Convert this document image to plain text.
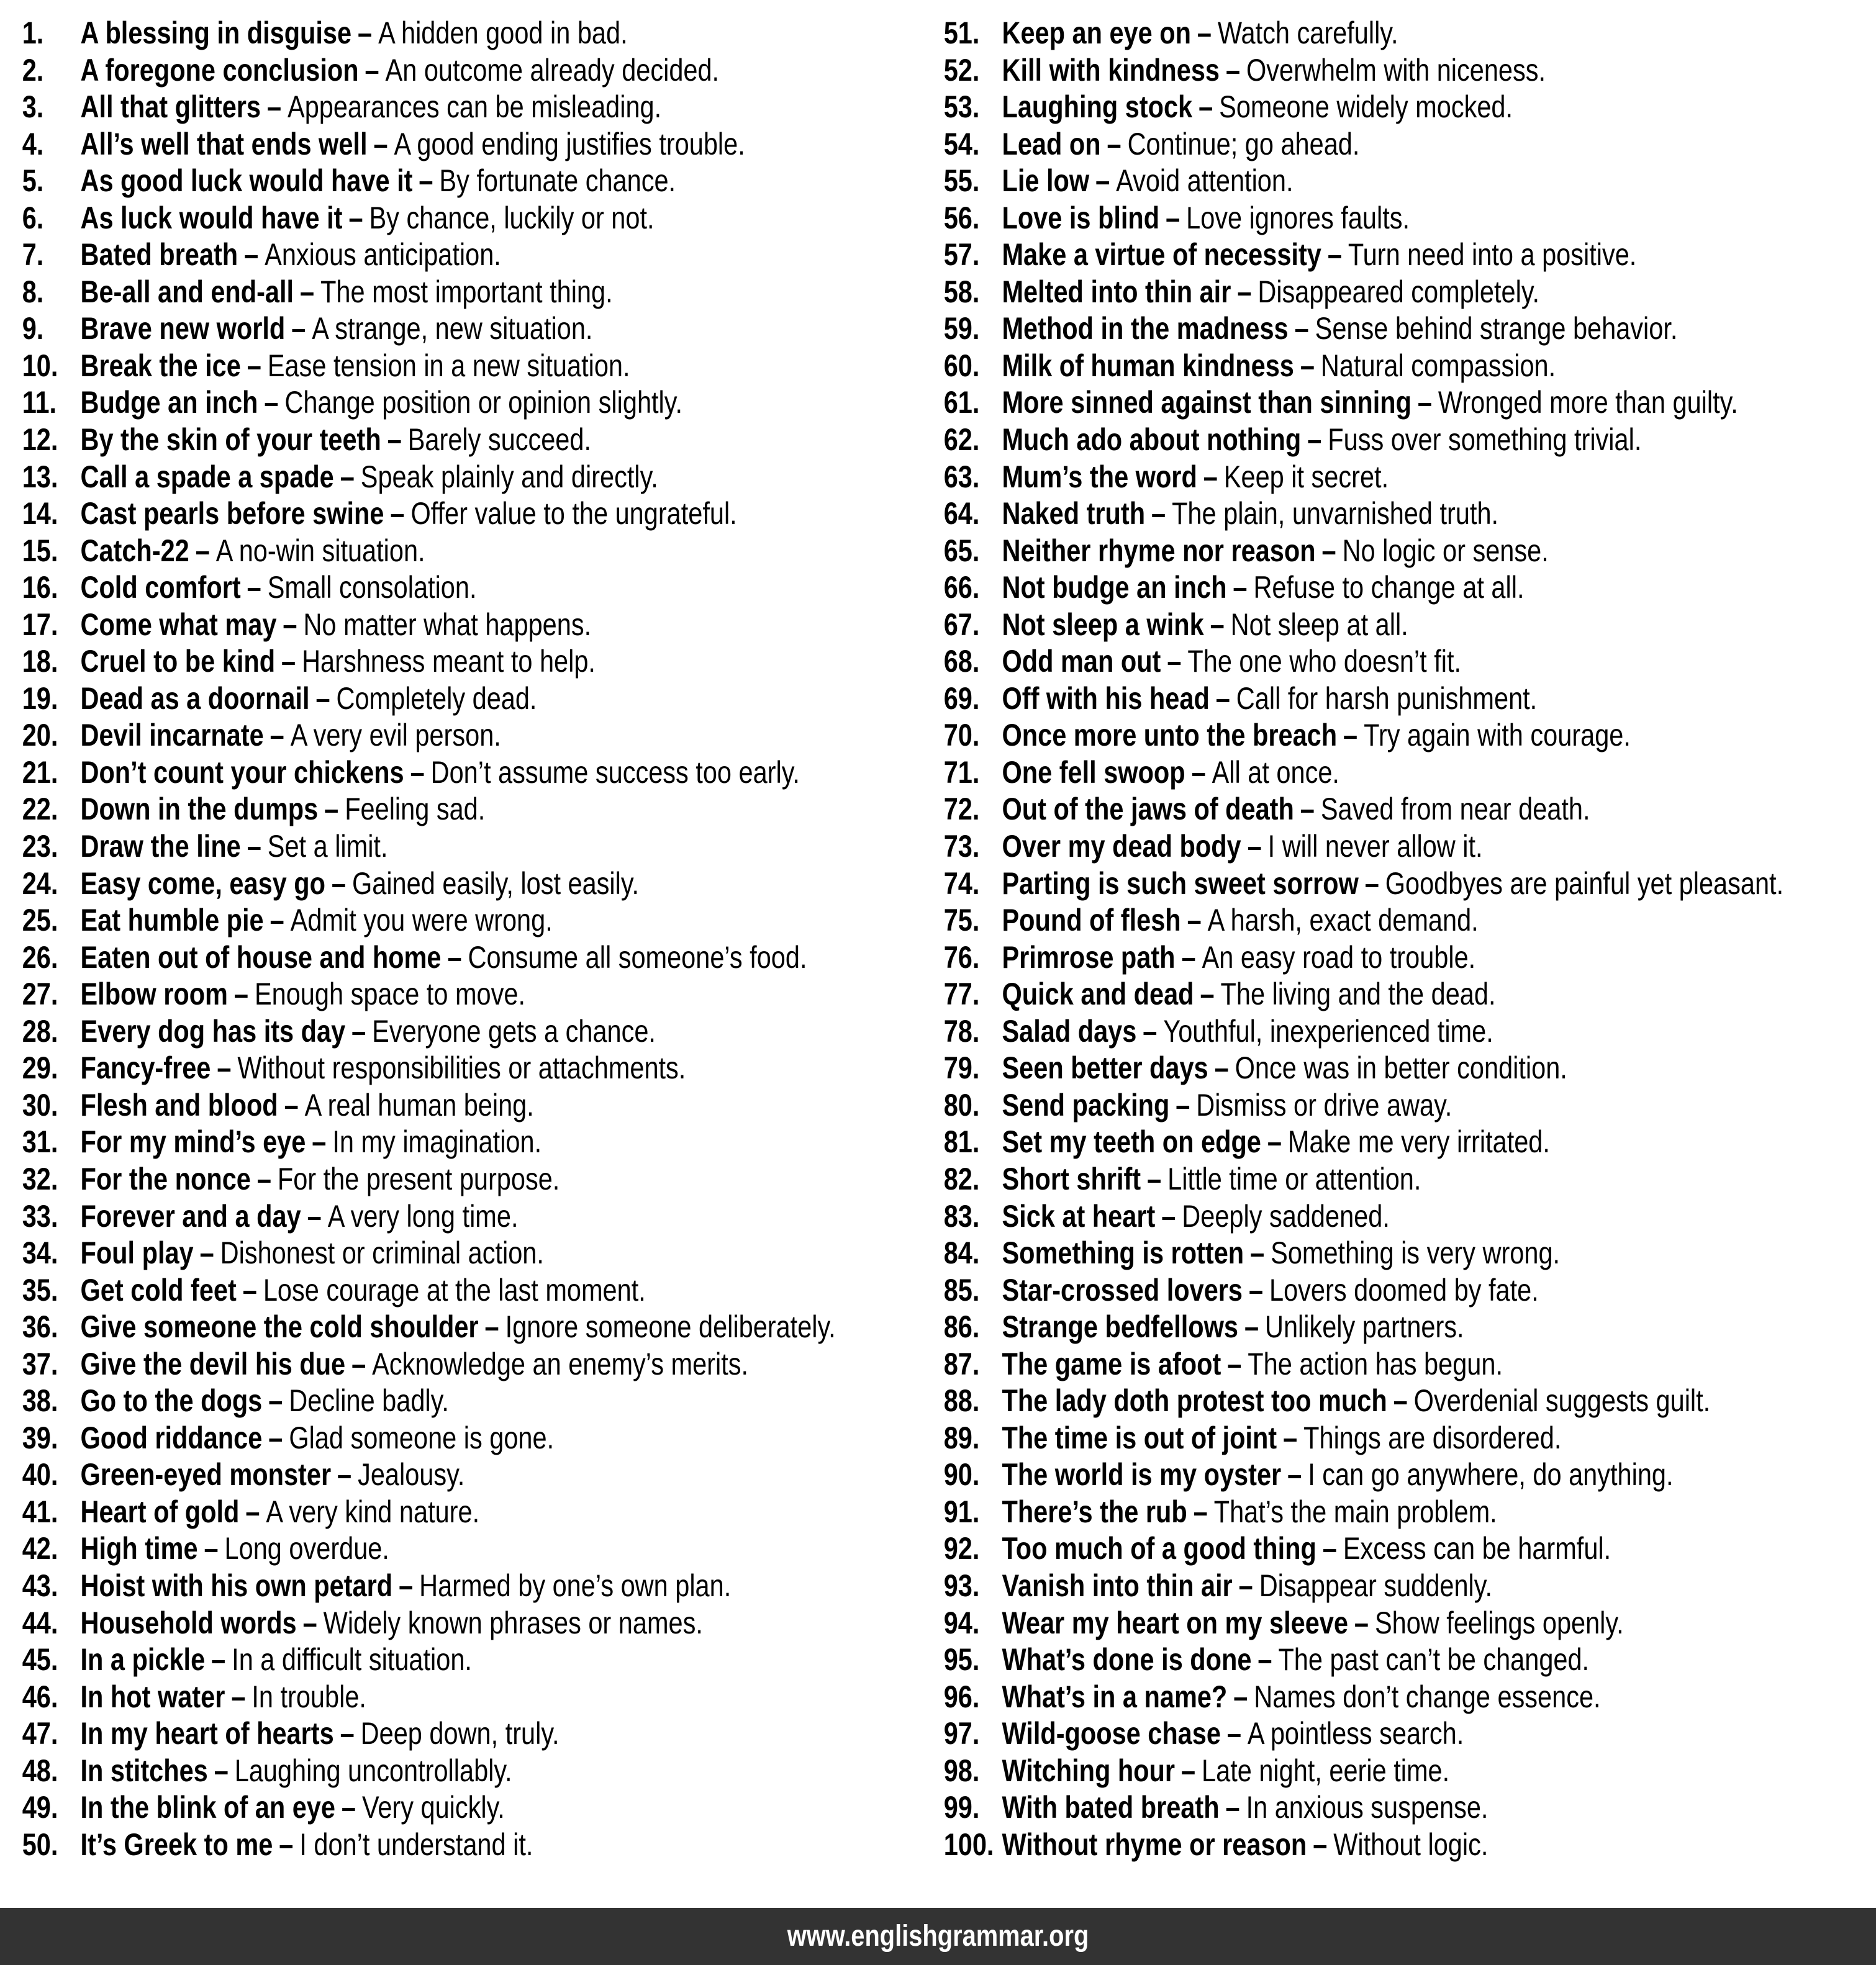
1. A blessing in disguise – A hidden good in bad.
2. A foregone conclusion – An outcome already decided.
3. All that glitters – Appearances can be misleading.
4. All’s well that ends well – A good ending justifies trouble.
5. As good luck would have it – By fortunate chance.
6. As luck would have it – By chance, luckily or not.
7. Bated breath – Anxious anticipation.
8. Be-all and end-all – The most important thing.
9. Brave new world – A strange, new situation.
10. Break the ice – Ease tension in a new situation.
11. Budge an inch – Change position or opinion slightly.
12. By the skin of your teeth – Barely succeed.
13. Call a spade a spade – Speak plainly and directly.
14. Cast pearls before swine – Offer value to the ungrateful.
15. Catch-22 – A no-win situation.
16. Cold comfort – Small consolation.
17. Come what may – No matter what happens.
18. Cruel to be kind – Harshness meant to help.
19. Dead as a doornail – Completely dead.
20. Devil incarnate – A very evil person.
21. Don’t count your chickens – Don’t assume success too early.
22. Down in the dumps – Feeling sad.
23. Draw the line – Set a limit.
24. Easy come, easy go – Gained easily, lost easily.
25. Eat humble pie – Admit you were wrong.
26. Eaten out of house and home – Consume all someone’s food.
27. Elbow room – Enough space to move.
28. Every dog has its day – Everyone gets a chance.
29. Fancy-free – Without responsibilities or attachments.
30. Flesh and blood – A real human being.
31. For my mind’s eye – In my imagination.
32. For the nonce – For the present purpose.
33. Forever and a day – A very long time.
34. Foul play – Dishonest or criminal action.
35. Get cold feet – Lose courage at the last moment.
36. Give someone the cold shoulder – Ignore someone deliberately.
37. Give the devil his due – Acknowledge an enemy’s merits.
38. Go to the dogs – Decline badly.
39. Good riddance – Glad someone is gone.
40. Green-eyed monster – Jealousy.
41. Heart of gold – A very kind nature.
42. High time – Long overdue.
43. Hoist with his own petard – Harmed by one’s own plan.
44. Household words – Widely known phrases or names.
45. In a pickle – In a difficult situation.
46. In hot water – In trouble.
47. In my heart of hearts – Deep down, truly.
48. In stitches – Laughing uncontrollably.
49. In the blink of an eye – Very quickly.
50. It’s Greek to me – I don’t understand it.
51. Keep an eye on – Watch carefully.
52. Kill with kindness – Overwhelm with niceness.
53. Laughing stock – Someone widely mocked.
54. Lead on – Continue; go ahead.
55. Lie low – Avoid attention.
56. Love is blind – Love ignores faults.
57. Make a virtue of necessity – Turn need into a positive.
58. Melted into thin air – Disappeared completely.
59. Method in the madness – Sense behind strange behavior.
60. Milk of human kindness – Natural compassion.
61. More sinned against than sinning – Wronged more than guilty.
62. Much ado about nothing – Fuss over something trivial.
63. Mum’s the word – Keep it secret.
64. Naked truth – The plain, unvarnished truth.
65. Neither rhyme nor reason – No logic or sense.
66. Not budge an inch – Refuse to change at all.
67. Not sleep a wink – Not sleep at all.
68. Odd man out – The one who doesn’t fit.
69. Off with his head – Call for harsh punishment.
70. Once more unto the breach – Try again with courage.
71. One fell swoop – All at once.
72. Out of the jaws of death – Saved from near death.
73. Over my dead body – I will never allow it.
74. Parting is such sweet sorrow – Goodbyes are painful yet pleasant.
75. Pound of flesh – A harsh, exact demand.
76. Primrose path – An easy road to trouble.
77. Quick and dead – The living and the dead.
78. Salad days – Youthful, inexperienced time.
79. Seen better days – Once was in better condition.
80. Send packing – Dismiss or drive away.
81. Set my teeth on edge – Make me very irritated.
82. Short shrift – Little time or attention.
83. Sick at heart – Deeply saddened.
84. Something is rotten – Something is very wrong.
85. Star-crossed lovers – Lovers doomed by fate.
86. Strange bedfellows – Unlikely partners.
87. The game is afoot – The action has begun.
88. The lady doth protest too much – Overdenial suggests guilt.
89. The time is out of joint – Things are disordered.
90. The world is my oyster – I can go anywhere, do anything.
91. There’s the rub – That’s the main problem.
92. Too much of a good thing – Excess can be harmful.
93. Vanish into thin air – Disappear suddenly.
94. Wear my heart on my sleeve – Show feelings openly.
95. What’s done is done – The past can’t be changed.
96. What’s in a name? – Names don’t change essence.
97. Wild-goose chase – A pointless search.
98. Witching hour – Late night, eerie time.
99. With bated breath – In anxious suspense.
100. Without rhyme or reason – Without logic.
www.englishgrammar.org
